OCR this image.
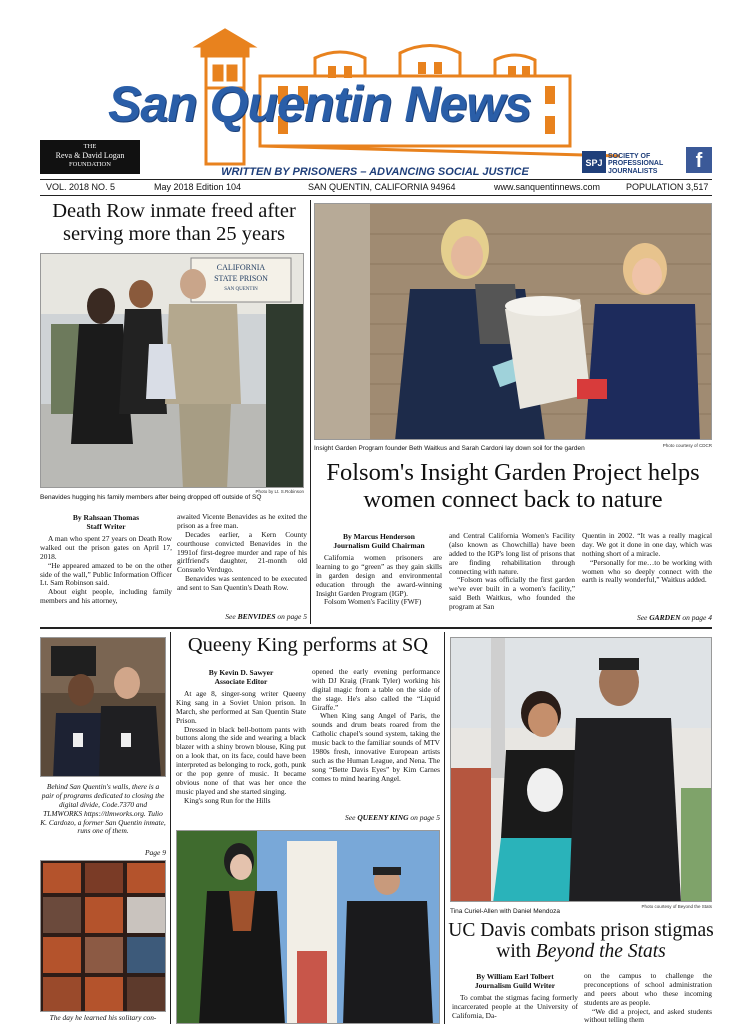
San Quentin News
WRITTEN BY PRISONERS – ADVANCING SOCIAL JUSTICE
THE
Reva & David Logan
FOUNDATION	SPJ
SOCIETY OF
PROFESSIONAL
JOURNALISTS	f
VOL. 2018 NO. 5	May 2018 Edition 104	SAN QUENTIN, CALIFORNIA 94964	www.sanquentinnews.com	POPULATION 3,517
Death Row inmate freed after serving more than 25 years
CALIFORNIA
STATE PRISON
SAN QUENTIN
Photo by Lt. S.Robinson
Benavides hugging his family members after being dropped off outside of SQ
By Rahsaan Thomas
Staff Writer

A man who spent 27 years on Death Row walked out the prison gates on April 17, 2018.

“He appeared amazed to be on the other side of the wall,” Public Information Officer Lt. Sam Robinson said.

About eight people, including family members and his attorney,

awaited Vicente Benavides as he exited the prison as a free man.

Decades earlier, a Kern County courthouse convicted Benavides in the 1991of first-degree murder and rape of his girlfriend's daughter, 21-month old Consuelo Verdugo.

Benavides was sentenced to be executed and sent to San Quentin's Death Row.

See BENVIDES on page 5
Insight Garden Program founder Beth Waitkus and Sarah Cardoni lay down soil for the garden	Photo courtesy of CDCR
Folsom's Insight Garden Project helps women connect back to nature
By Marcus Henderson
Journalism Guild Chairman

California women prisoners are learning to go “green” as they gain skills in garden design and environmental education through the award-winning Insight Garden Program (IGP).

Folsom Women's Facility (FWF)

and Central California Women's Facility (also known as Chowchilla) have been added to the IGP's long list of prisons that are finding rehabilitation through connecting with nature.

“Folsom was officially the first garden we've ever built in a women's facility,” said Beth Waitkus, who founded the program at San

Quentin in 2002. “It was a really magical day. We got it done in one day, which was nothing short of a miracle.

“Personally for me…to be working with women who so deeply connect with the earth is really wonderful,” Waitkus added.

See GARDEN on page 4
Behind San Quentin's walls, there is a pair of programs dedicated to closing the digital divide, Code.7370 and TLMWORKS https://tlmworks.org. Tulio K. Cardozo, a former San Quentin inmate, runs one of them.
Page 9
The day he learned his solitary con-
Queeny King performs at SQ
By Kevin D. Sawyer
Associate Editor

At age 8, singer-song writer Queeny King sang in a Soviet Union prison. In March, she performed at San Quentin State Prison.

Dressed in black bell-bottom pants with buttons along the side and wearing a black blazer with a shiny brown blouse, King put on a look that, on its face, could have been interpreted as belonging to rock, goth, punk or the pop genre of music. It became obvious none of that was her once the music played and she started singing.

King's song Run for the Hills

opened the early evening performance with DJ Kraig (Frank Tyler) working his digital magic from a table on the side of the stage. He's also called the “Liquid Giraffe.”

When King sang Angel of Paris, the sounds and drum beats roared from the Catholic chapel's sound system, taking the music back to the familiar sounds of MTV 1980s fresh, innovative European artists such as the Human League, and Nena. The song “Bette Davis Eyes” by Kim Carnes comes to mind hearing Angel.

See QUEENY KING on page 5
Tina Curiel-Allen with Daniel Mendoza
Photo courtesy of Beyond the Stats
UC Davis combats prison stigmas with Beyond the Stats
By William Earl Tolbert
Journalism Guild Writer

To combat the stigmas facing formerly incarcerated people at the University of California, Da-

on the campus to challenge the preconceptions of school administration and peers about who these incoming students are as people.

“We did a project, and asked students without telling them
